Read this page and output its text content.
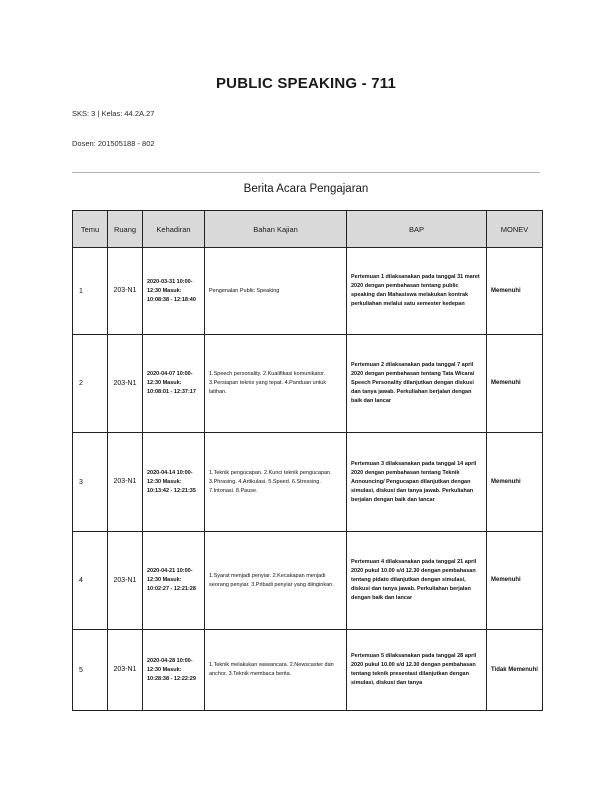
PUBLIC SPEAKING - 711
SKS: 3 | Kelas: 44.2A.27
Dosen: 201505188 - 802
Berita Acara Pengajaran
Temu	Ruang	Kehadiran	Bahan Kajian	BAP	MONEV
1	203-N1	2020-03-31 10:00-12:30 Masuk: 10:08:38 - 12:18:40	Pengenalan Public Speaking	Pertemuan 1 dilaksanakan pada tanggal 31 maret 2020 dengan pembahasan tentang public speaking dan Mahasiswa melakukan kontrak perkuliahan melalui satu semester kedepan	Memenuhi
2	203-N1	2020-04-07 10:00-12:30 Masuk: 10:08:01 - 12:37:17	1.Speech personality. 2.Kualifikasi komunikator. 3.Persiapan teknis yang tepat. 4.Panduan untuk latihan.	Pertemuan 2 dilaksanakan pada tanggal 7 april 2020 dengan pembahasan tentang Tata Wicara/ Speech Personality dilanjutkan dengan diskusi dan tanya jawab. Perkuliahan berjalan dengan baik dan lancar	Memenuhi
3	203-N1	2020-04-14 10:00-12:30 Masuk: 10:13:42 - 12:21:35	1.Teknik pengucapan. 2.Kunci teknik pengucapan. 3.Phrasing. 4.Artikulasi. 5.Speed. 6.Stressing. 7.Intonasi. 8.Pause.	Pertemuan 3 dilaksanakan pada tanggal 14 april 2020 dengan pembahasan tentang Teknik Announcing/ Pengucapan dilanjutkan dengan simulasi, diskusi dan tanya jawab. Perkuliahan berjalan dengan baik dan lancar	Memenuhi
4	203-N1	2020-04-21 10:00-12:30 Masuk: 10:02:27 - 12:21:28	1.Syarat menjadi penyiar. 2.Kecakapan menjadi seorang penyiar. 3.Pribadi penyiar yang diinginkan.	Pertemuan 4 dilaksanakan pada tanggal 21 april 2020 pukul 10.00 s/d 12.30 dengan pembahasan tentang pidato dilanjutkan dengan simulasi, diskusi dan tanya jawab. Perkuliahan berjalan dengan baik dan lancar	Memenuhi
5	203-N1	2020-04-28 10:00-12:30 Masuk: 10:28:38 - 12:22:29	1.Teknik melakukan wawancara. 2.Newscaster dan anchor. 3.Teknik membaca berita.	Pertemuan 5 dilaksanakan pada tanggal 28 april 2020 pukul 10.00 s/d 12.30 dengan pembahasan tentang teknik presentasi dilanjutkan dengan simulasi, diskusi dan tanya	Tidak Memenuhi
